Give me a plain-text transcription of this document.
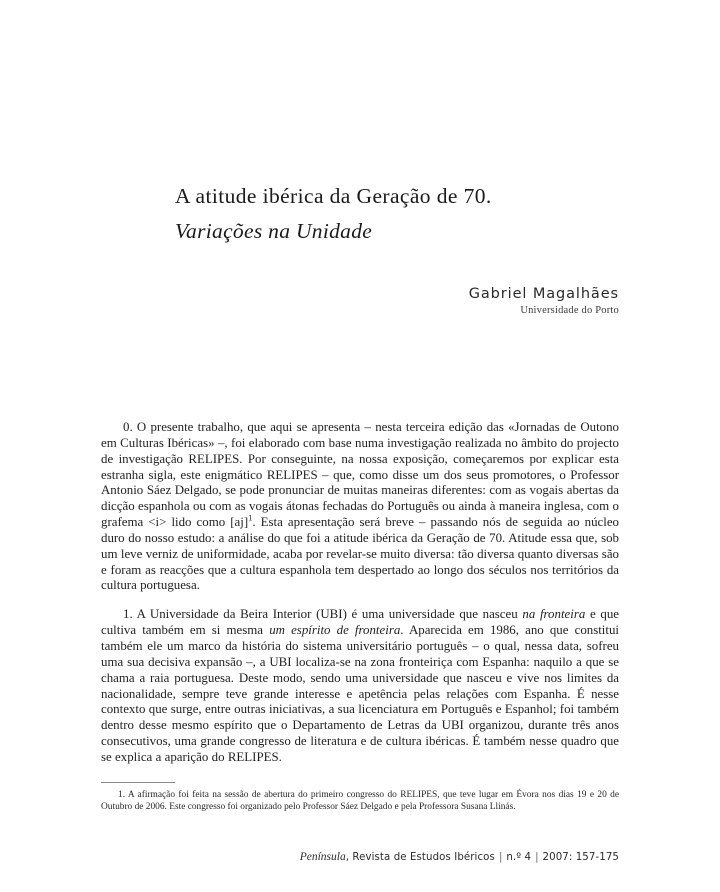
A atitude ibérica da Geração de 70.
Variações na Unidade
Gabriel Magalhães
Universidade do Porto

0. O presente trabalho, que aqui se apresenta – nesta terceira edição das «Jornadas de Outono em Culturas Ibéricas» –, foi elaborado com base numa investigação realizada no âmbito do projecto de investigação RELIPES. Por conseguinte, na nossa exposição, começaremos por explicar esta estranha sigla, este enigmático RELIPES – que, como disse um dos seus promotores, o Professor Antonio Sáez Delgado, se pode pronunciar de muitas maneiras diferentes: com as vogais abertas da dicção espanhola ou com as vogais átonas fechadas do Português ou ainda à maneira inglesa, com o grafema <i> lido como [aj]$^1$. Esta apresentação será breve – passando nós de seguida ao núcleo duro do nosso estudo: a análise do que foi a atitude ibérica da Geração de 70. Atitude essa que, sob um leve verniz de uniformidade, acaba por revelar-se muito diversa: tão diversa quanto diversas são e foram as reacções que a cultura espanhola tem despertado ao longo dos séculos nos territórios da cultura portuguesa.

1. A Universidade da Beira Interior (UBI) é uma universidade que nasceu na fronteira e que cultiva também em si mesma um espírito de fronteira. Aparecida em 1986, ano que constitui também ele um marco da história do sistema universitário português – o qual, nessa data, sofreu uma sua decisiva expansão –, a UBI localiza-se na zona fronteiriça com Espanha: naquilo a que se chama a raia portuguesa. Deste modo, sendo uma universidade que nasceu e vive nos limites da nacionalidade, sempre teve grande interesse e apetência pelas relações com Espanha. É nesse contexto que surge, entre outras iniciativas, a sua licenciatura em Português e Espanhol; foi também dentro desse mesmo espírito que o Departamento de Letras da UBI organizou, durante três anos consecutivos, uma grande congresso de literatura e de cultura ibéricas. É também nesse quadro que se explica a aparição do RELIPES.

1. A afirmação foi feita na sessão de abertura do primeiro congresso do RELIPES, que teve lugar em Évora nos dias 19 e 20 de Outubro de 2006. Este congresso foi organizado pelo Professor Sáez Delgado e pela Professora Susana Llinás.

Península, Revista de Estudos Ibéricos | n.º 4 | 2007: 157-175
